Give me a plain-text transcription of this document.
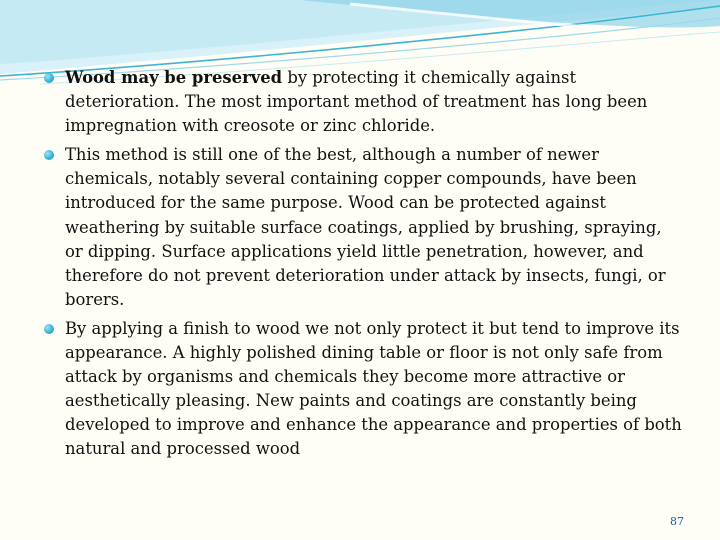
Wood may be preserved by protecting it chemically against deterioration. The most important method of treatment has long been impregnation with creosote or zinc chloride.

This method is still one of the best, although a number of newer chemicals, notably several containing copper compounds, have been introduced for the same purpose. Wood can be protected against weathering by suitable surface coatings, applied by brushing, spraying, or dipping. Surface applications yield little penetration, however, and therefore do not prevent deterioration under attack by insects, fungi, or borers.

By applying a finish to wood we not only protect it but tend to improve its appearance. A highly polished dining table or floor is not only safe from attack by organisms and chemicals they become more attractive or aesthetically pleasing. New paints and coatings are constantly being developed to improve and enhance the appearance and properties of both natural and processed wood

87
